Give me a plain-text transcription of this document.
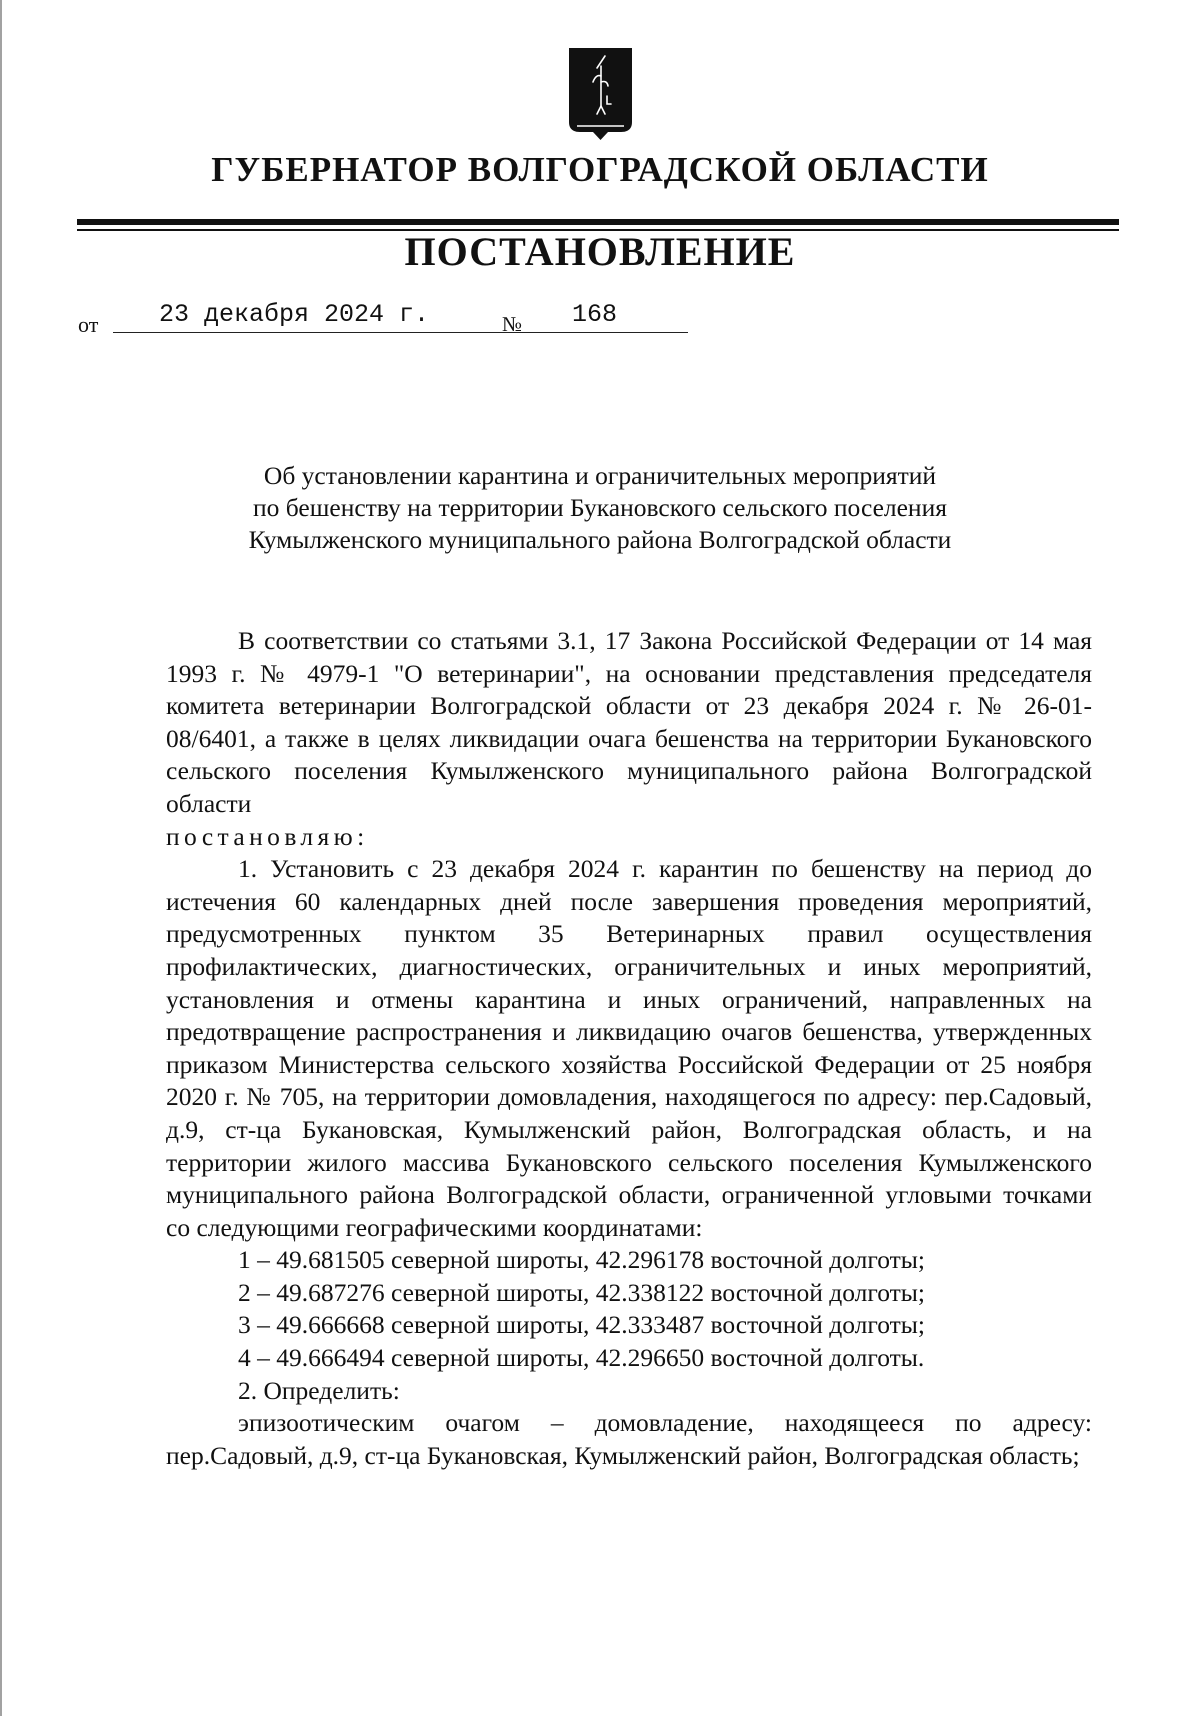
ГУБЕРНАТОР ВОЛГОГРАДСКОЙ ОБЛАСТИ
ПОСТАНОВЛЕНИЕ
от	23 декабря 2024 г.	№	168
Об установлении карантина и ограничительных мероприятий
по бешенству на территории Букановского сельского поселения
Кумылженского муниципального района Волгоградской области

В соответствии со статьями 3.1, 17 Закона Российской Федерации от 14 мая 1993 г. № 4979-1 "О ветеринарии", на основании представления председателя комитета ветеринарии Волгоградской области от 23 декабря 2024 г. № 26-01-08/6401, а также в целях ликвидации очага бешенства на территории Букановского сельского поселения Кумылженского муниципального района Волгоградской области

постановляю:

1. Установить с 23 декабря 2024 г. карантин по бешенству на период до истечения 60 календарных дней после завершения проведения мероприятий, предусмотренных пунктом 35 Ветеринарных правил осуществления профилактических, диагностических, ограничительных и иных мероприятий, установления и отмены карантина и иных ограничений, направленных на предотвращение распространения и ликвидацию очагов бешенства, утвержденных приказом Министерства сельского хозяйства Российской Федерации от 25 ноября 2020 г. № 705, на территории домовладения, находящегося по адресу: пер.Садовый, д.9, ст-ца Букановская, Кумылженский район, Волгоградская область, и на территории жилого массива Букановского сельского поселения Кумылженского муниципального района Волгоградской области, ограниченной угловыми точками со следующими географическими координатами:

1 – 49.681505 северной широты, 42.296178 восточной долготы;

2 – 49.687276 северной широты, 42.338122 восточной долготы;

3 – 49.666668 северной широты, 42.333487 восточной долготы;

4 – 49.666494 северной широты, 42.296650 восточной долготы.

2. Определить:

эпизоотическим очагом – домовладение, находящееся по адресу: пер.Садовый, д.9, ст-ца Букановская, Кумылженский район, Волгоградская область;
